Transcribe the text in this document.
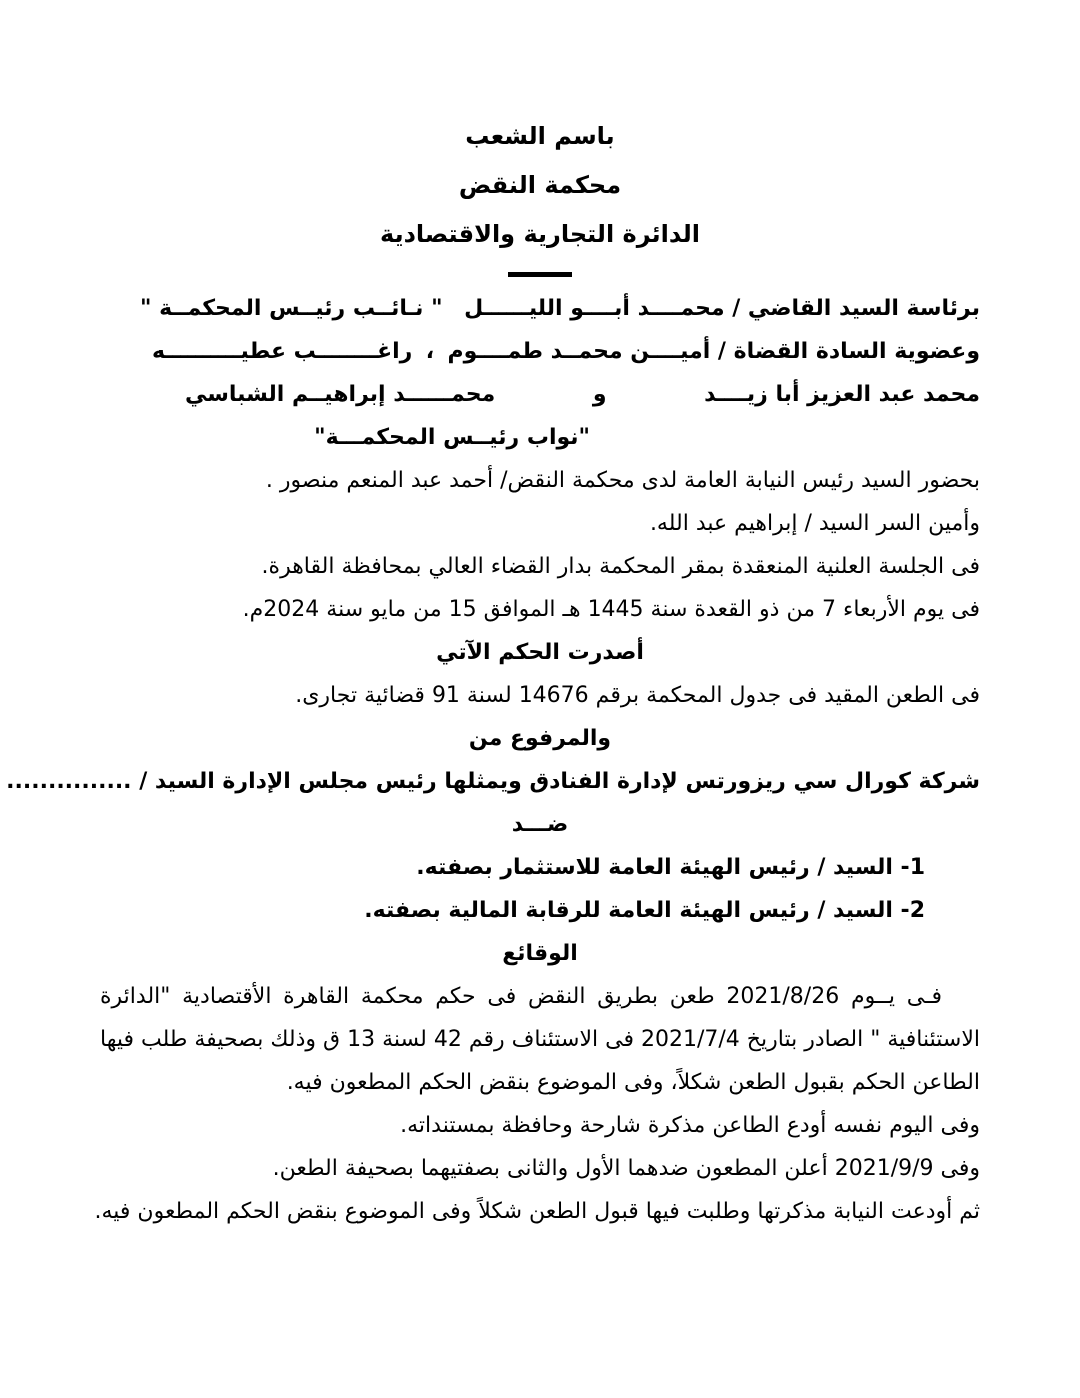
باسم الشعب
محكمة النقض
الدائرة التجارية والاقتصادية
برئاسة السيد القاضي / محمــــد أبــــو الليــــــل
" نـائــب رئيــس المحكمــة "
وعضوية السادة القضاة / أميــــن محمــد طمــــوم
،
راغــــــــب عطيــــــــــه
محمد عبد العزيز أبا زيــــد
و
محمــــــد إبراهيــم الشباسي
"نواب رئيــس المحكمـــة"
بحضور السيد رئيس النيابة العامة لدى محكمة النقض/ أحمد عبد المنعم منصور .
وأمين السر السيد / إبراهيم عبد الله.
فى الجلسة العلنية المنعقدة بمقر المحكمة بدار القضاء العالي بمحافظة القاهرة.
فى يوم الأربعاء 7 من ذو القعدة سنة 1445 هـ الموافق 15 من مايو سنة 2024م.
أصدرت الحكم الآتي
فى الطعن المقيد فى جدول المحكمة برقم 14676 لسنة 91 قضائية تجارى.
والمرفوع من
شركة كورال سي ريزورتس لإدارة الفنادق ويمثلها رئيس مجلس الإدارة السيد / ...............
ضـــد
1- السيد / رئيس الهيئة العامة للاستثمار بصفته.
2- السيد / رئيس الهيئة العامة للرقابة المالية بصفته.
الوقائع

فـى يــوم 2021/8/26 طعن بطريق النقض فى حكم محكمة القاهرة الأقتصادية "الدائرة الاستئنافية " الصادر بتاريخ 2021/7/4 فى الاستئناف رقم 42 لسنة 13 ق وذلك بصحيفة طلب فيها الطاعن الحكم بقبول الطعن شكلاً، وفى الموضوع بنقض الحكم المطعون فيه.

وفى اليوم نفسه أودع الطاعن مذكرة شارحة وحافظة بمستنداته.

وفى 2021/9/9 أعلن المطعون ضدهما الأول والثانى بصفتيهما بصحيفة الطعن.

ثم أودعت النيابة مذكرتها وطلبت فيها قبول الطعن شكلاً وفى الموضوع بنقض الحكم المطعون فيه.
